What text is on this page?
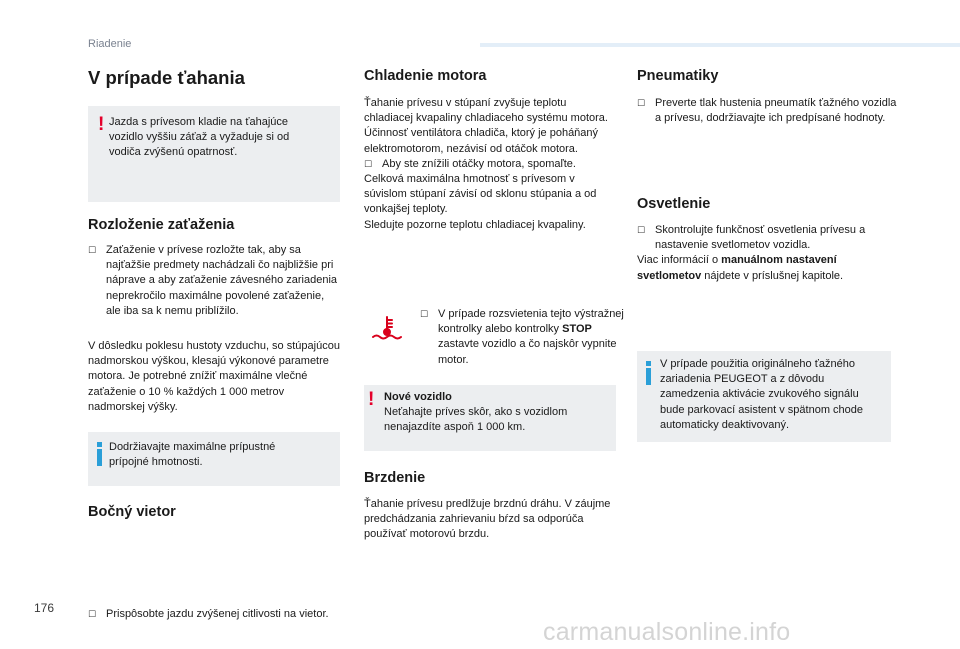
Riadenie
176
carmanualsonline.info
V prípade ťahania
! Jazda s prívesom kladie na ťahajúce vozidlo vyššiu záťaž a vyžaduje si od vodiča zvýšenú opatrnosť.
Rozloženie zaťaženia
☐ Zaťaženie v prívese rozložte tak, aby sa najťažšie predmety nachádzali čo najbližšie pri náprave a aby zaťaženie závesného zariadenia neprekročilo maximálne povolené zaťaženie, ale iba sa k nemu priblížilo.

V dôsledku poklesu hustoty vzduchu, so stúpajúcou nadmorskou výškou, klesajú výkonové parametre motora. Je potrebné znížiť maximálne vlečné zaťaženie o 10 % každých 1 000 metrov nadmorskej výšky.

Dodržiavajte maximálne prípustné prípojné hmotnosti.
Bočný vietor
☐ Prispôsobte jazdu zvýšenej citlivosti na vietor.
Chladenie motora

Ťahanie prívesu v stúpaní zvyšuje teplotu chladiacej kvapaliny chladiaceho systému motora.

Účinnosť ventilátora chladiča, ktorý je poháňaný elektromotorom, nezávisí od otáčok motora.

☐ Aby ste znížili otáčky motora, spomaľte.

Celková maximálna hmotnosť s prívesom v súvislom stúpaní závisí od sklonu stúpania a od vonkajšej teploty.

Sledujte pozorne teplotu chladiacej kvapaliny.

☐ V prípade rozsvietenia tejto výstražnej kontrolky alebo kontrolky STOP zastavte vozidlo a čo najskôr vypnite motor.
! Nové vozidlo
Neťahajte príves skôr, ako s vozidlom nenajazdíte aspoň 1 000 km.
Brzdenie

Ťahanie prívesu predlžuje brzdnú dráhu. V záujme predchádzania zahrievaniu bŕzd sa odporúča používať motorovú brzdu.

Pneumatiky
☐ Preverte tlak hustenia pneumatík ťažného vozidla a prívesu, dodržiavajte ich predpísané hodnoty.
Osvetlenie
☐ Skontrolujte funkčnosť osvetlenia prívesu a nastavenie svetlometov vozidla.

Viac informácií o manuálnom nastavení svetlometov nájdete v príslušnej kapitole.

V prípade použitia originálneho ťažného zariadenia PEUGEOT a z dôvodu zamedzenia aktivácie zvukového signálu bude parkovací asistent v spätnom chode automaticky deaktivovaný.
